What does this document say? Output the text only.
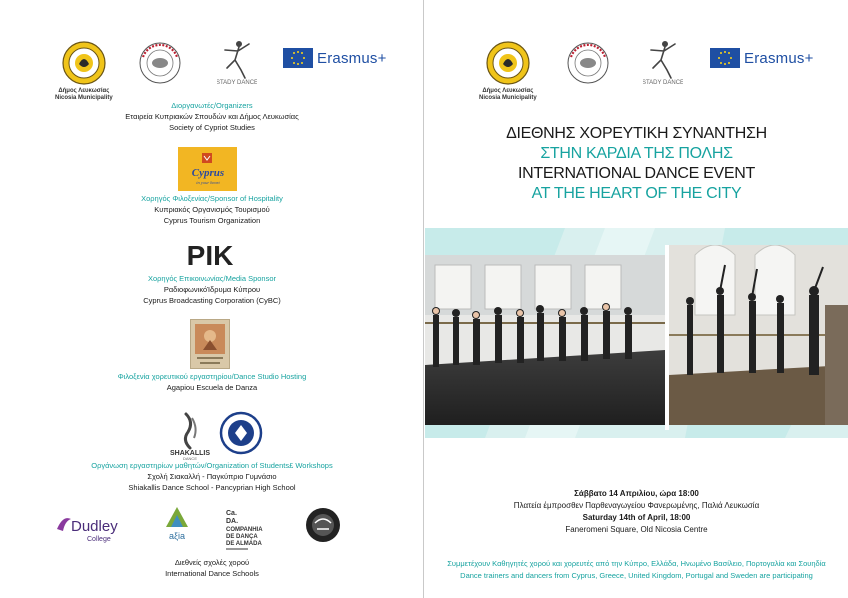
Δήμος Λευκωσίας
Nicosia Municipality
STADY DANCE
Erasmus+
Διοργανωτές/Organizers
Εταιρεία Κυπριακών Σπουδών και Δήμος Λευκωσίας
Society of Cypriot Studies
Cyprus
in your heart
Χορηγός Φιλοξενίας/Sponsor of Hospitality
Κυπριακός Οργανισμός Τουρισμού
Cyprus Tourism Organization
ΡΙΚ
Χορηγός Επικοινωνίας/Media Sponsor
ΡαδιοφωνικόΊδρυμα Κύπρου
Cyprus Broadcasting Corporation (CyBC)
Φιλοξενία χορευτικού εργαστηρίου/Dance Studio Hosting
Agapiou Escuela de Danza
SHAKALLIS
DANCE
Οργάνωση εργαστηρίων μαθητών/Organization of Students£ Workshops
Σχολή Σιακαλλή - Παγκύπριο Γυμνάσιο
Shiakallis Dance School - Pancyprian High School
Dudley
College	aξia
Ca.
DA.
COMPANHIA
DE DANÇA
DE ALMADA
Διεθνείς σχολές χορού
International Dance Schools
Δήμος Λευκωσίας
Nicosia Municipality
STADY DANCE
Erasmus+
ΔΙΕΘΝΗΣ ΧΟΡΕΥΤΙΚΗ ΣΥΝΑΝΤΗΣΗ
ΣΤΗΝ ΚΑΡΔΙΑ ΤΗΣ ΠΟΛΗΣ
INTERNATIONAL DANCE EVENT
AT THE HEART OF THE CITY
Σάββατο 14 Απριλίου, ώρα 18:00
Πλατεία έμπροσθεν Παρθεναγωγείου Φανερωμένης, Παλιά Λευκωσία
Saturday 14th of April, 18:00
Faneromeni Square, Old Nicosia Centre
Συμμετέχουν Καθηγητές χορού και χορευτές από την Κύπρο, Ελλάδα, Ηνωμένο Βασίλειο, Πορτογαλία και Σουηδία
Dance trainers and dancers from Cyprus, Greece, United Kingdom, Portugal and Sweden are participating
